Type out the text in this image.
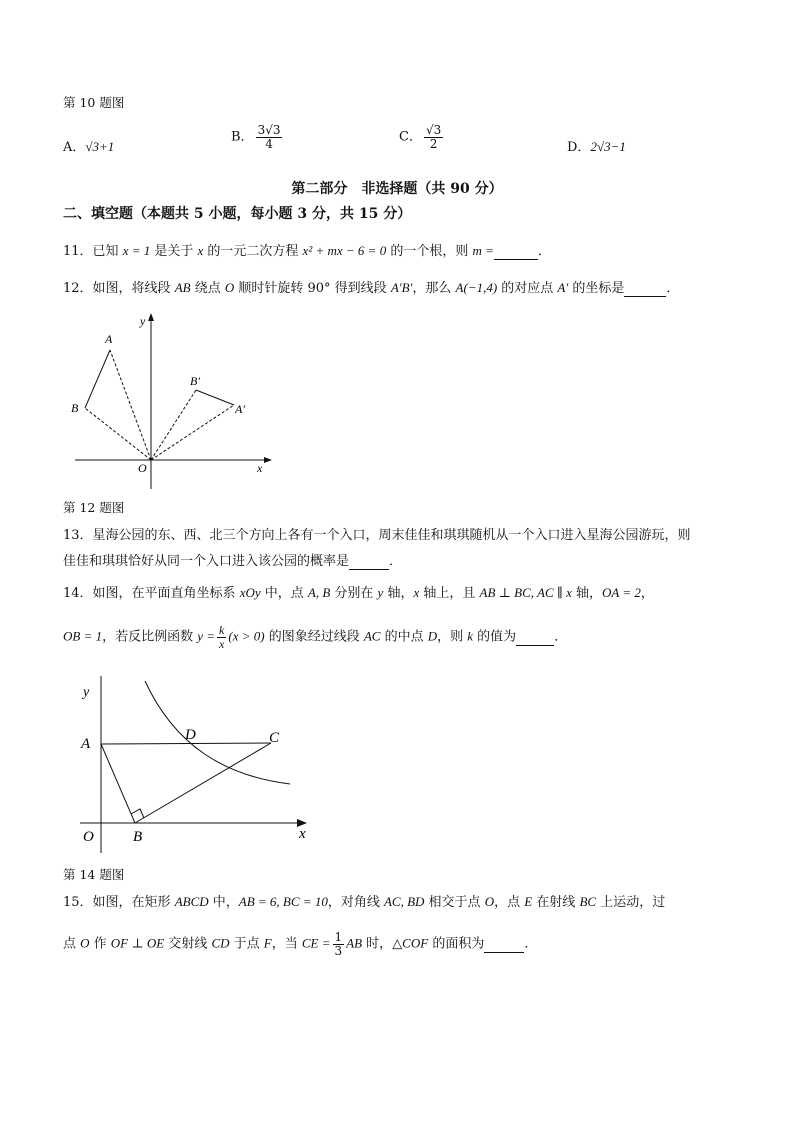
第 10 题图
A．√3+1
B． $\frac{3√3}{4}$	C． $\frac{√3}{2}$	D．2√3−1
第二部分　非选择题（共 90 分）
二、填空题（本题共 5 小题，每小题 3 分，共 15 分）
11．已知 x = 1 是关于 x 的一元二次方程 x² + mx − 6 = 0 的一个根，则 m =	．
12．如图，将线段 AB 绕点 O 顺时针旋转 90° 得到线段 A′B′，那么 A(−1,4) 的对应点 A′ 的坐标是	．
A
B
B′
A′
O	x
y
第 12 题图
13．星海公园的东、西、北三个方向上各有一个入口，周末佳佳和琪琪随机从一个入口进入星海公园游玩，则
佳佳和琪琪恰好从同一个入口进入该公园的概率是	．
14．如图，在平面直角坐标系 xOy 中，点 A, B 分别在 y 轴，x 轴上，且 AB ⊥ BC, AC ∥ x 轴，OA = 2，
OB = 1，若反比例函数 $y = \frac{k}{x} (x > 0)$ 的图象经过线段 AC 的中点 D，则 k 的值为	．
y
A
D	C
O	B	x
第 14 题图
15．如图，在矩形 ABCD 中，AB = 6, BC = 10，对角线 AC, BD 相交于点 O，点 E 在射线 BC 上运动，过
点 O 作 OF ⊥ OE 交射线 CD 于点 F，当 CE = $\frac{1}{3}$ AB 时，△COF 的面积为	．
